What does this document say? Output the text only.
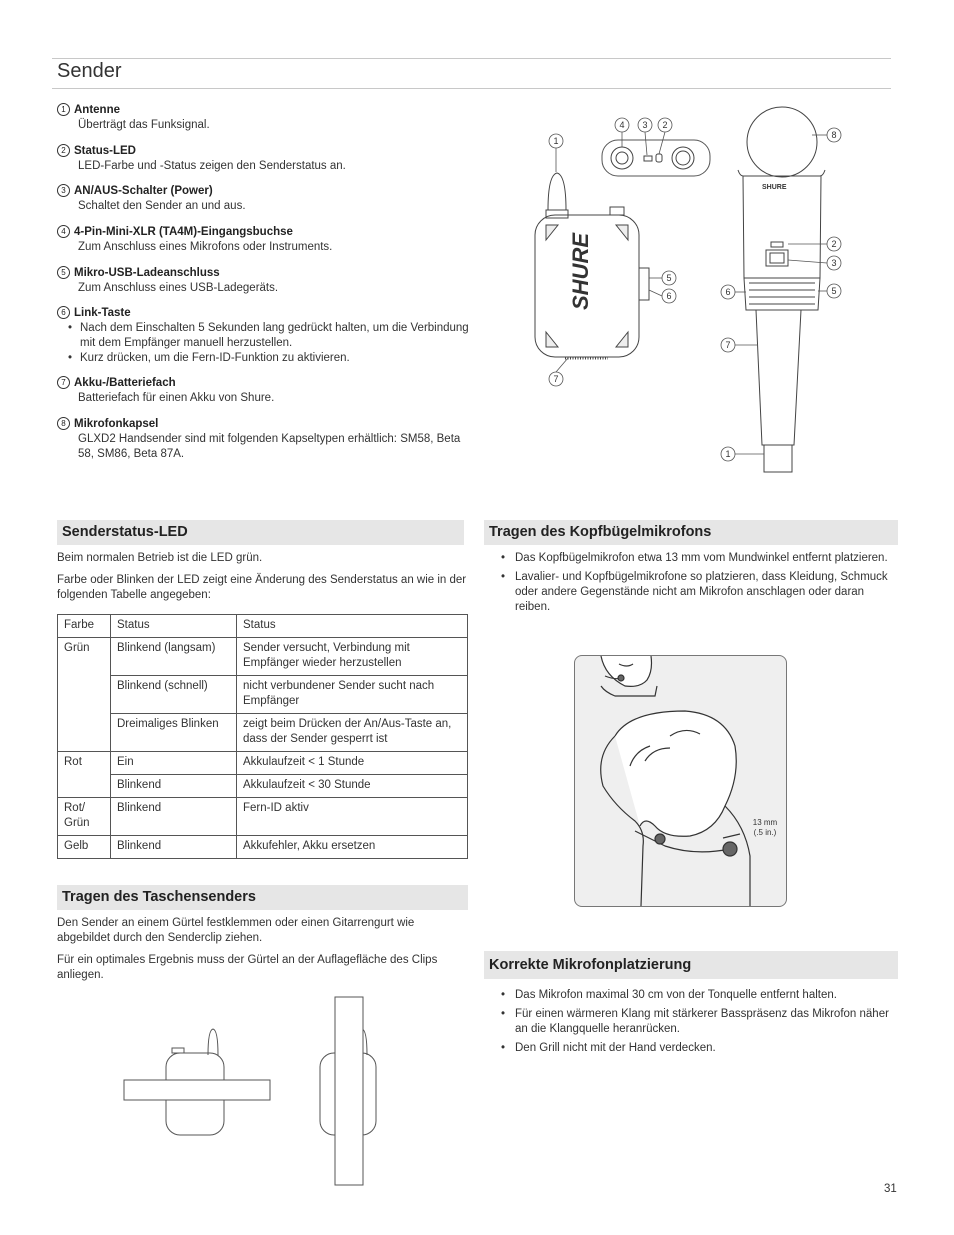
Sender
1 Antenne
Überträgt das Funksignal.
2 Status-LED
LED-Farbe und -Status zeigen den Senderstatus an.
3 AN/AUS-Schalter (Power)
Schaltet den Sender an und aus.
4 4-Pin-Mini-XLR (TA4M)-Eingangsbuchse
Zum Anschluss eines Mikrofons oder Instruments.
5 Mikro-USB-Ladeanschluss
Zum Anschluss eines USB-Ladegeräts.
6 Link-Taste
• Nach dem Einschalten 5 Sekunden lang gedrückt halten, um die Verbindung mit dem Empfänger manuell herzustellen.
• Kurz drücken, um die Fern-ID-Funktion zu aktivieren.
7 Akku-/Batteriefach
Batteriefach für einen Akku von Shure.
8 Mikrofonkapsel
GLXD2 Handsender sind mit folgenden Kapseltypen erhältlich: SM58, Beta 58, SM86, Beta 87A.
SHURE
SHURE
1
4 3 2
5
6
7
8
2
3
6	5
7
1
Senderstatus-LED
Beim normalen Betrieb ist die LED grün.
Farbe oder Blinken der LED zeigt eine Änderung des Senderstatus an wie in der folgenden Tabelle angegeben:
Farbe	Status	Status
Grün	Blinkend (langsam)	Sender versucht, Verbindung mit Empfänger wieder herzustellen
	Blinkend (schnell)	nicht verbundener Sender sucht nach Empfänger
	Dreimaliges Blinken	zeigt beim Drücken der An/Aus-Taste an, dass der Sender gesperrt ist
Rot	Ein	Akkulaufzeit < 1 Stunde
	Blinkend	Akkulaufzeit < 30 Stunde
Rot/ Grün	Blinkend	Fern-ID aktiv
Gelb	Blinkend	Akkufehler, Akku ersetzen
Tragen des Taschensenders
Den Sender an einem Gürtel festklemmen oder einen Gitarrengurt wie abgebildet durch den Senderclip ziehen.
Für ein optimales Ergebnis muss der Gürtel an der Auflagefläche des Clips anliegen.
Tragen des Kopfbügelmikrofons
• Das Kopfbügelmikrofon etwa 13 mm vom Mundwinkel entfernt platzieren.
• Lavalier- und Kopfbügelmikrofone so platzieren, dass Kleidung, Schmuck oder andere Gegenstände nicht am Mikrofon anschlagen oder daran reiben.
13 mm
(.5 in.)
Korrekte Mikrofonplatzierung
• Das Mikrofon maximal 30 cm von der Tonquelle entfernt halten.
• Für einen wärmeren Klang mit stärkerer Basspräsenz das Mikrofon näher an die Klangquelle heranrücken.
• Den Grill nicht mit der Hand verdecken.
31
